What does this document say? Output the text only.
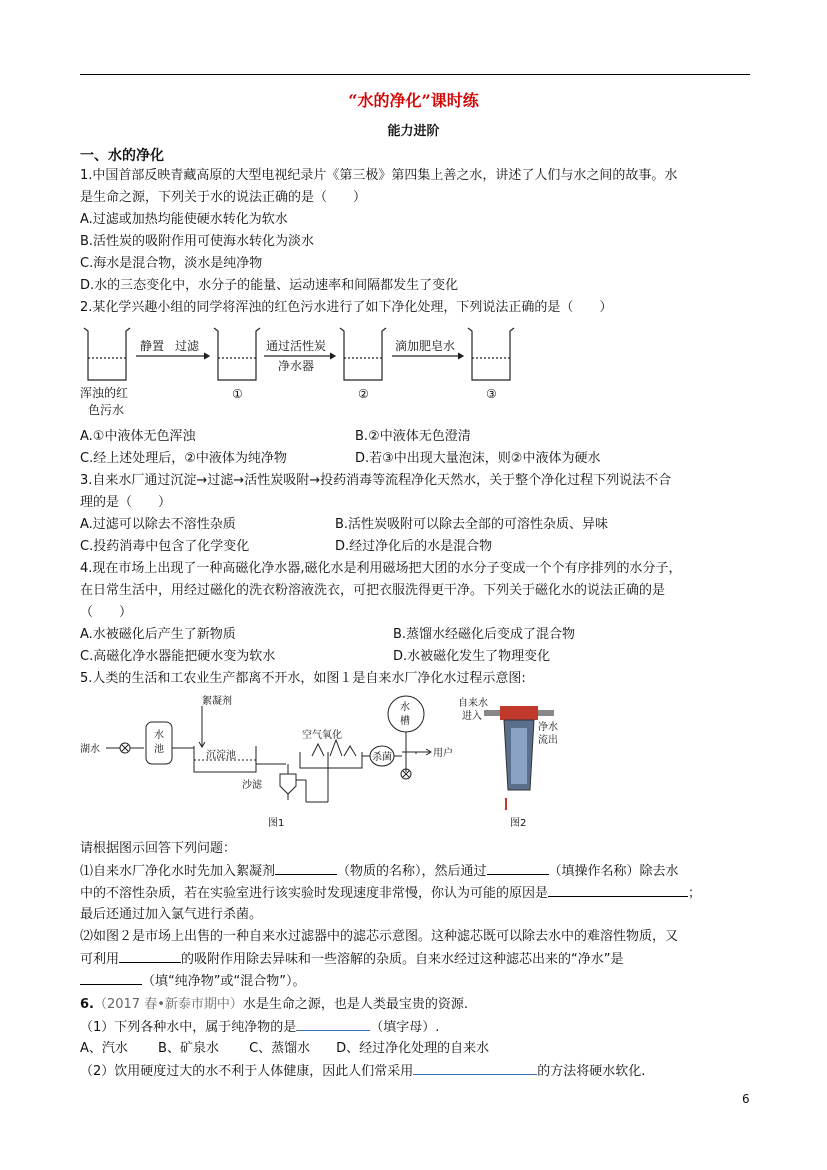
“水的净化”课时练
能力进阶
一、水的净化
1.中国首部反映青藏高原的大型电视纪录片《第三极》第四集上善之水，讲述了人们与水之间的故事。水
是生命之源，下列关于水的说法正确的是（　　）
A.过滤或加热均能使硬水转化为软水
B.活性炭的吸附作用可使海水转化为淡水
C.海水是混合物，淡水是纯净物
D.水的三态变化中，水分子的能量、运动速率和间隔都发生了变化
2.某化学兴趣小组的同学将浑浊的红色污水进行了如下净化处理，下列说法正确的是（　　）
静置 过滤	通过活性炭
净水器
滴加肥皂水
浑浊的红
色污水
①	②	③
A.①中液体无色浑浊	B.②中液体无色澄清
C.经上述处理后，②中液体为纯净物	D.若③中出现大量泡沫，则②中液体为硬水
3.自来水厂通过沉淀→过滤→活性炭吸附→投药消毒等流程净化天然水，关于整个净化过程下列说法不合
理的是（　　）
A.过滤可以除去不溶性杂质	B.活性炭吸附可以除去全部的可溶性杂质、异味
C.投药消毒中包含了化学变化	D.经过净化后的水是混合物
4.现在市场上出现了一种高磁化净水器,磁化水是利用磁场把大团的水分子变成一个个有序排列的水分子，
在日常生活中，用经过磁化的洗衣粉溶液洗衣，可把衣服洗得更干净。下列关于磁化水的说法正确的是
（　　）
A.水被磁化后产生了新物质	B.蒸馏水经磁化后变成了混合物
C.高磁化净水器能把硬水变为软水	D.水被磁化发生了物理变化
5.人类的生活和工农业生产都离不开水，如图１是自来水厂净化水过程示意图:
湖水
水
池
絮凝剂
沉淀池
沙滤
空气氧化
杀菌
水
槽
用户
图1
自来水
进入
净水
流出
图2
请根据图示回答下列问题：
⑴自来水厂净化水时先加入絮凝剂	（物质的名称），然后通过	（填操作名称）除去水
中的不溶性杂质，若在实验室进行该实验时发现速度非常慢，你认为可能的原因是	；
最后还通过加入氯气进行杀菌。
⑵如图２是市场上出售的一种自来水过滤器中的滤芯示意图。这种滤芯既可以除去水中的难溶性物质，又
可利用	的吸附作用除去异味和一些溶解的杂质。自来水经过这种滤芯出来的“净水”是
（填“纯净物”或“混合物”）。
6.（2017 春•新泰市期中）水是生命之源，也是人类最宝贵的资源.
（1）下列各种水中，属于纯净物的是	（填字母）.
A、汽水　　 B、矿泉水　　 C、蒸馏水　　D、经过净化处理的自来水
（2）饮用硬度过大的水不利于人体健康，因此人们常采用	的方法将硬水软化.
6
